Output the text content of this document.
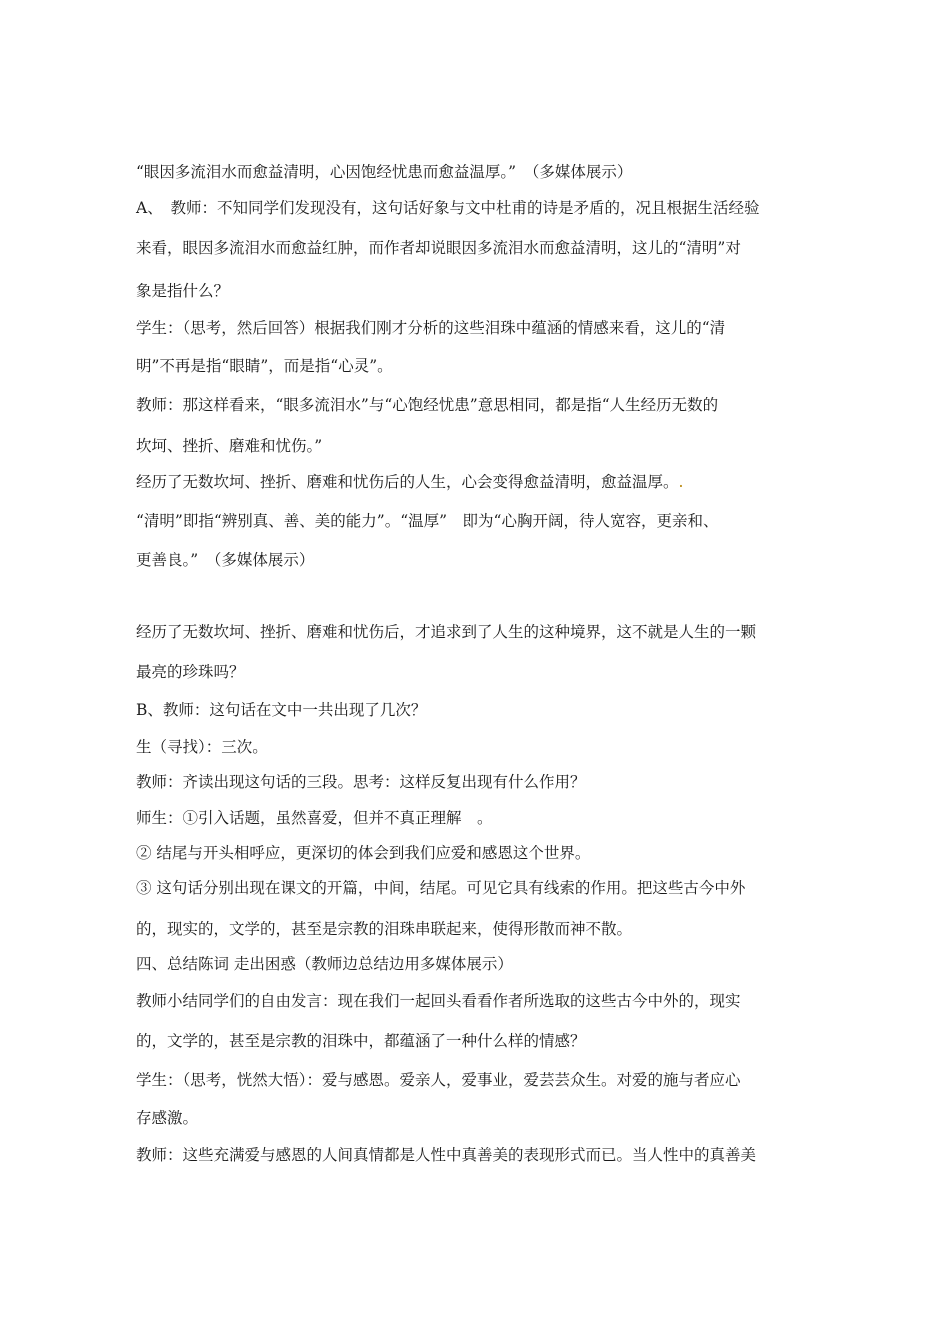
“眼因多流泪水而愈益清明，心因饱经忧患而愈益温厚。”　（多媒体展示）
A、　教师：不知同学们发现没有，这句话好象与文中杜甫的诗是矛盾的，况且根据生活经验
来看，眼因多流泪水而愈益红肿，而作者却说眼因多流泪水而愈益清明，这儿的“清明”对
象是指什么？
学生：（思考，然后回答）根据我们刚才分析的这些泪珠中蕴涵的情感来看，这儿的“清
明”不再是指“眼睛”，而是指“心灵”。
教师：那这样看来，“眼多流泪水”与“心饱经忧患”意思相同，都是指“人生经历无数的
坎坷、挫折、磨难和忧伤。”
经历了无数坎坷、挫折、磨难和忧伤后的人生，心会变得愈益清明，愈益温厚。.
“清明”即指“辨别真、善、美的能力”。“温厚”　即为“心胸开阔，待人宽容，更亲和、
更善良。”　（多媒体展示）
经历了无数坎坷、挫折、磨难和忧伤后，才追求到了人生的这种境界，这不就是人生的一颗
最亮的珍珠吗？
B、教师：这句话在文中一共出现了几次？
生（寻找）：三次。
教师：齐读出现这句话的三段。思考：这样反复出现有什么作用？
师生：①引入话题，虽然喜爱，但并不真正理解　。
② 结尾与开头相呼应，更深切的体会到我们应爱和感恩这个世界。
③ 这句话分别出现在课文的开篇，中间，结尾。可见它具有线索的作用。把这些古今中外
的，现实的，文学的，甚至是宗教的泪珠串联起来，使得形散而神不散。
四、总结陈词 走出困惑（教师边总结边用多媒体展示）
教师小结同学们的自由发言：现在我们一起回头看看作者所选取的这些古今中外的，现实
的，文学的，甚至是宗教的泪珠中，都蕴涵了一种什么样的情感？
学生：（思考，恍然大悟）：爱与感恩。爱亲人，爱事业，爱芸芸众生。对爱的施与者应心
存感激。
教师：这些充满爱与感恩的人间真情都是人性中真善美的表现形式而已。当人性中的真善美
